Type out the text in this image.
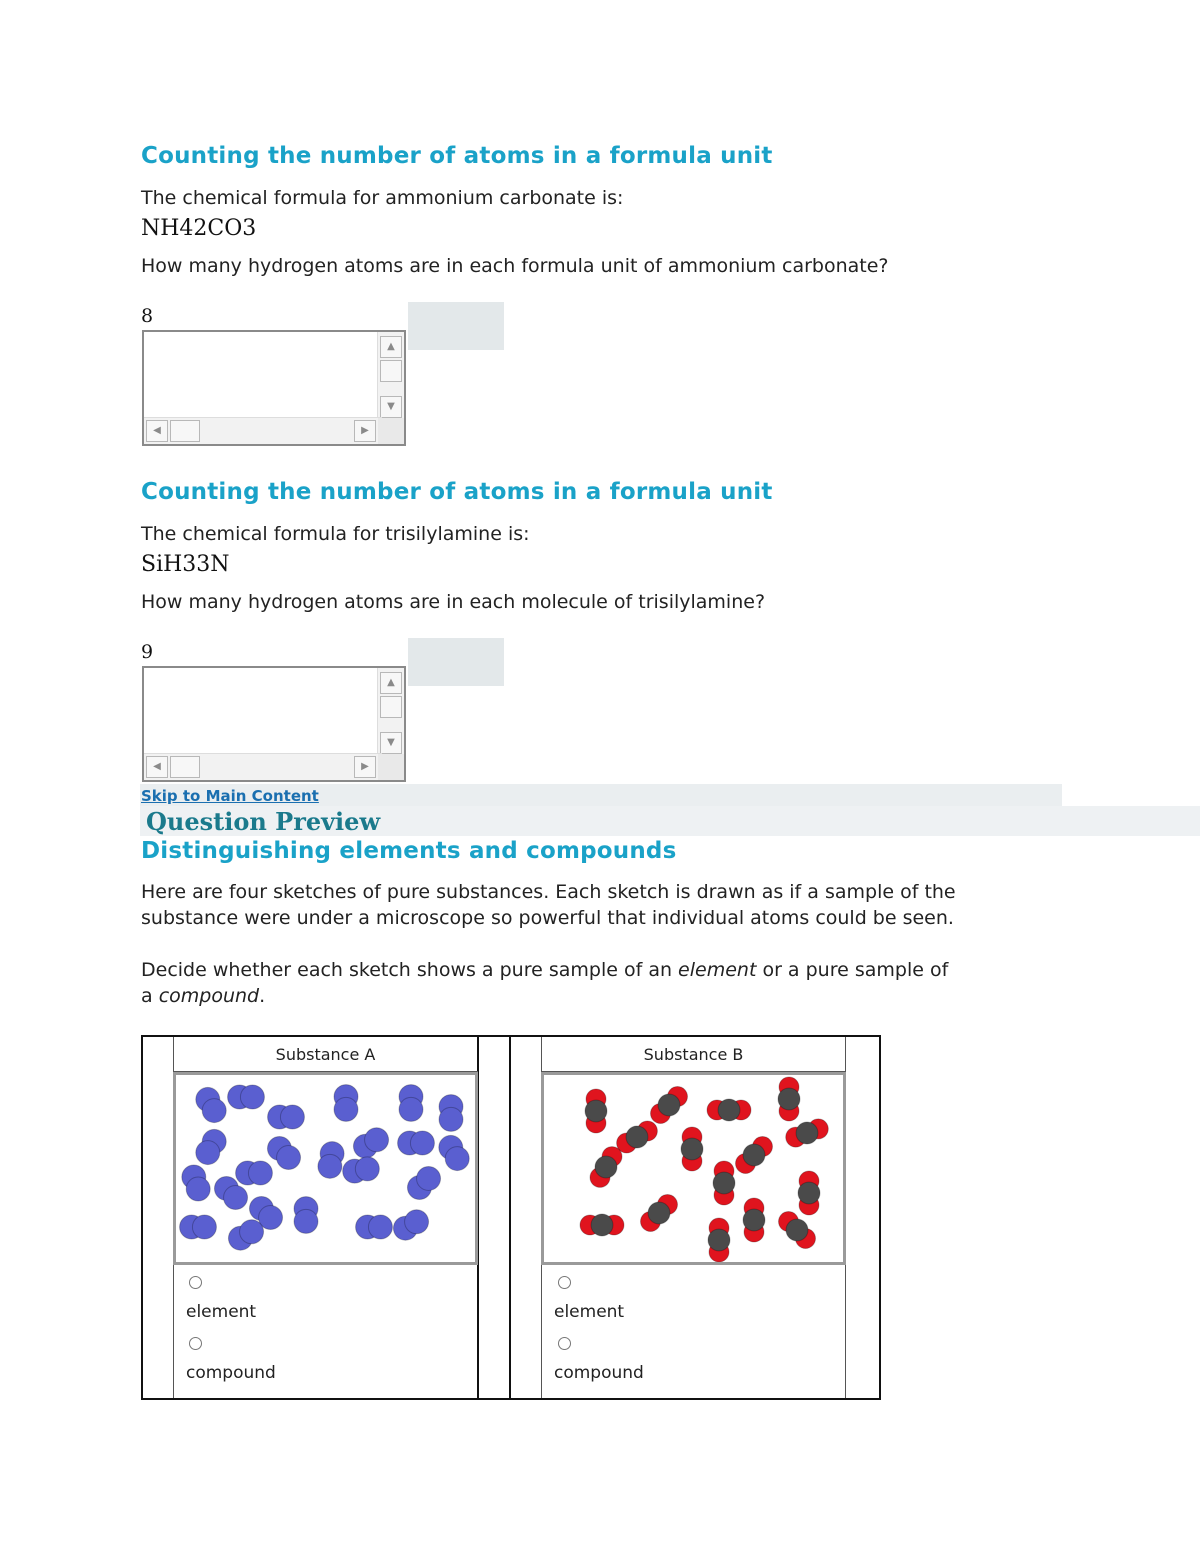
Counting the number of atoms in a formula unit
The chemical formula for ammonium carbonate is:
NH42CO3
How many hydrogen atoms are in each formula unit of ammonium carbonate?
8
▲
▼
◀	▶
Counting the number of atoms in a formula unit
The chemical formula for trisilylamine is:
SiH33N
How many hydrogen atoms are in each molecule of trisilylamine?
9
▲
▼
◀	▶
Skip to Main Content
Question Preview
Distinguishing elements and compounds
Here are four sketches of pure substances. Each sketch is drawn as if a sample of the
substance were under a microscope so powerful that individual atoms could be seen.
Decide whether each sketch shows a pure sample of an element or a pure sample of
a compound.
Substance A
element
compound
Substance B
element
compound
